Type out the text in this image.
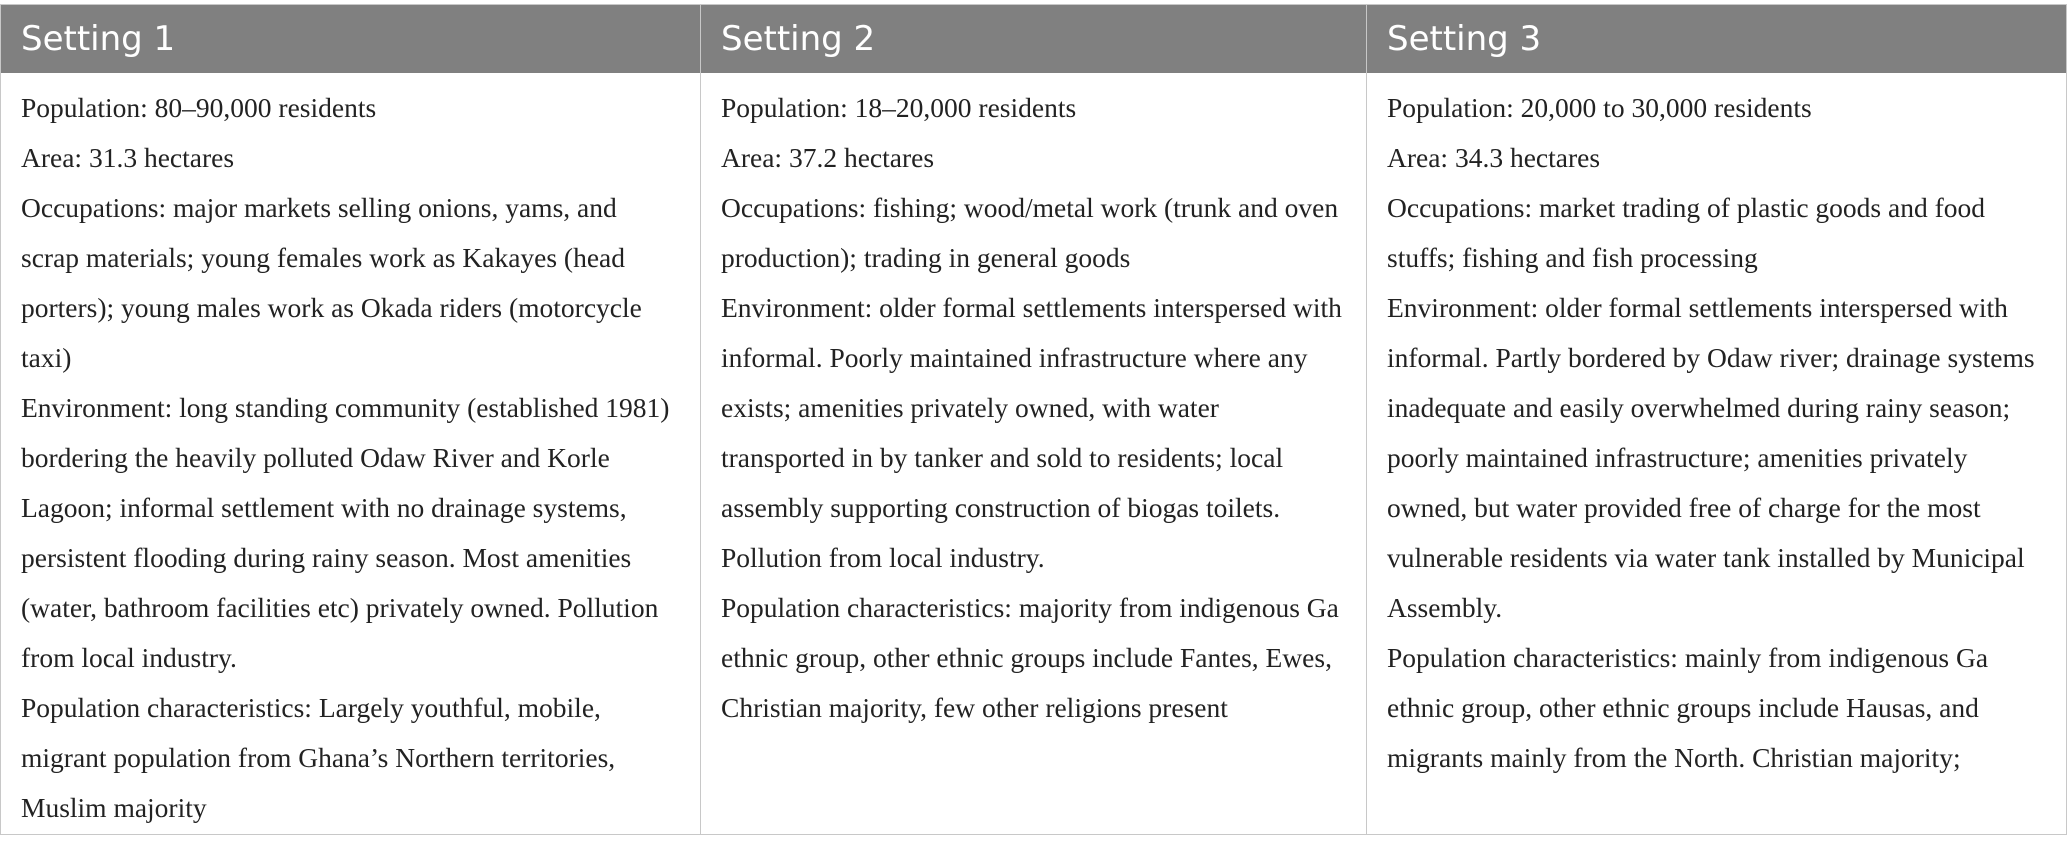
Setting 1	Setting 2	Setting 3

Population: 80–90,000 residents

Area: 31.3 hectares

Occupations: major markets selling onions, yams, and scrap materials; young females work as Kakayes (head porters); young males work as Okada riders (motorcycle taxi)

Environment: long standing community (established 1981) bordering the heavily polluted Odaw River and Korle Lagoon; informal settlement with no drainage systems, persistent flooding during rainy season. Most amenities (water, bathroom facilities etc) privately owned. Pollution from local industry.

Population characteristics: Largely youthful, mobile, migrant population from Ghana’s Northern territories, Muslim majority

Population: 18–20,000 residents

Area: 37.2 hectares

Occupations: fishing; wood/metal work (trunk and oven production); trading in general goods

Environment: older formal settlements interspersed with informal. Poorly maintained infrastructure where any exists; amenities privately owned, with water transported in by tanker and sold to residents; local assembly supporting construction of biogas toilets. Pollution from local industry.

Population characteristics: majority from indigenous Ga ethnic group, other ethnic groups include Fantes, Ewes, Christian majority, few other religions present

Population: 20,000 to 30,000 residents

Area: 34.3 hectares

Occupations: market trading of plastic goods and food stuffs; fishing and fish processing

Environment: older formal settlements interspersed with informal. Partly bordered by Odaw river; drainage systems inadequate and easily overwhelmed during rainy season; poorly maintained infrastructure; amenities privately owned, but water provided free of charge for the most vulnerable residents via water tank installed by Municipal Assembly.

Population characteristics: mainly from indigenous Ga ethnic group, other ethnic groups include Hausas, and migrants mainly from the North. Christian majority;
